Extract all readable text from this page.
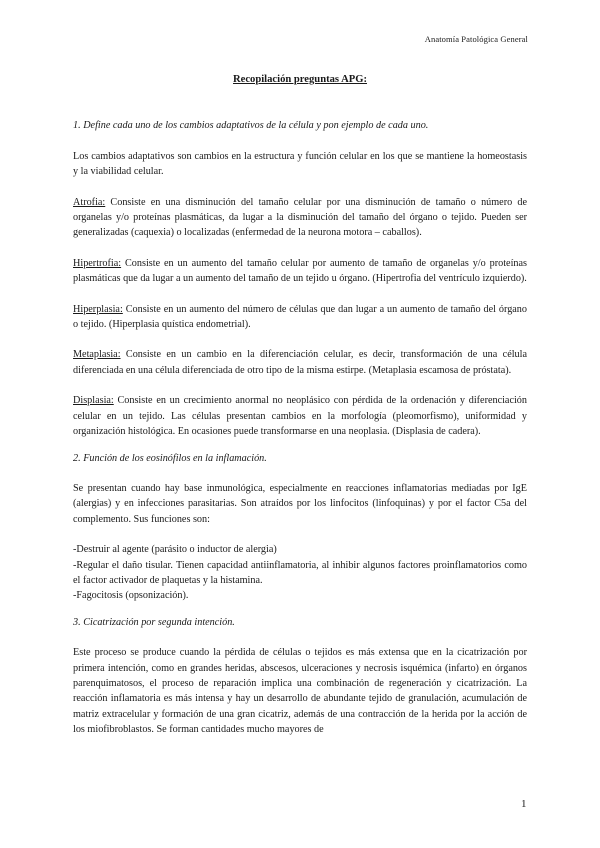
Anatomía Patológica General

Recopilación preguntas APG:

1. Define cada uno de los cambios adaptativos de la célula y pon ejemplo de cada uno.

Los cambios adaptativos son cambios en la estructura y función celular en los que se mantiene la homeostasis y la viabilidad celular.

Atrofia: Consiste en una disminución del tamaño celular por una disminución de tamaño o número de organelas y/o proteínas plasmáticas, da lugar a la disminución del tamaño del órgano o tejido. Pueden ser generalizadas (caquexia) o localizadas (enfermedad de la neurona motora – caballos).

Hipertrofia: Consiste en un aumento del tamaño celular por aumento de tamaño de organelas y/o proteínas plasmáticas que da lugar a un aumento del tamaño de un tejido u órgano. (Hipertrofia del ventrículo izquierdo).

Hiperplasia: Consiste en un aumento del número de células que dan lugar a un aumento de tamaño del órgano o tejido. (Hiperplasia quística endometrial).

Metaplasia: Consiste en un cambio en la diferenciación celular, es decir, transformación de una célula diferenciada en una célula diferenciada de otro tipo de la misma estirpe. (Metaplasia escamosa de próstata).

Displasia: Consiste en un crecimiento anormal no neoplásico con pérdida de la ordenación y diferenciación celular en un tejido. Las células presentan cambios en la morfología (pleomorfismo), uniformidad y organización histológica. En ocasiones puede transformarse en una neoplasia. (Displasia de cadera).

2. Función de los eosinófilos en la inflamación.

Se presentan cuando hay base inmunológica, especialmente en reacciones inflamatorias mediadas por IgE (alergias) y en infecciones parasitarias. Son atraídos por los linfocitos (linfoquinas) y por el factor C5a del complemento. Sus funciones son:

-Destruir al agente (parásito o inductor de alergia)

-Regular el daño tisular. Tienen capacidad antiinflamatoria, al inhibir algunos factores proinflamatorios como el factor activador de plaquetas y la histamina.

-Fagocitosis (opsonización).

3. Cicatrización por segunda intención.

Este proceso se produce cuando la pérdida de células o tejidos es más extensa que en la cicatrización por primera intención, como en grandes heridas, abscesos, ulceraciones y necrosis isquémica (infarto) en órganos parenquimatosos, el proceso de reparación implica una combinación de regeneración y cicatrización. La reacción inflamatoria es más intensa y hay un desarrollo de abundante tejido de granulación, acumulación de matriz extracelular y formación de una gran cicatriz, además de una contracción de la herida por la acción de los miofibroblastos. Se forman cantidades mucho mayores de

1
